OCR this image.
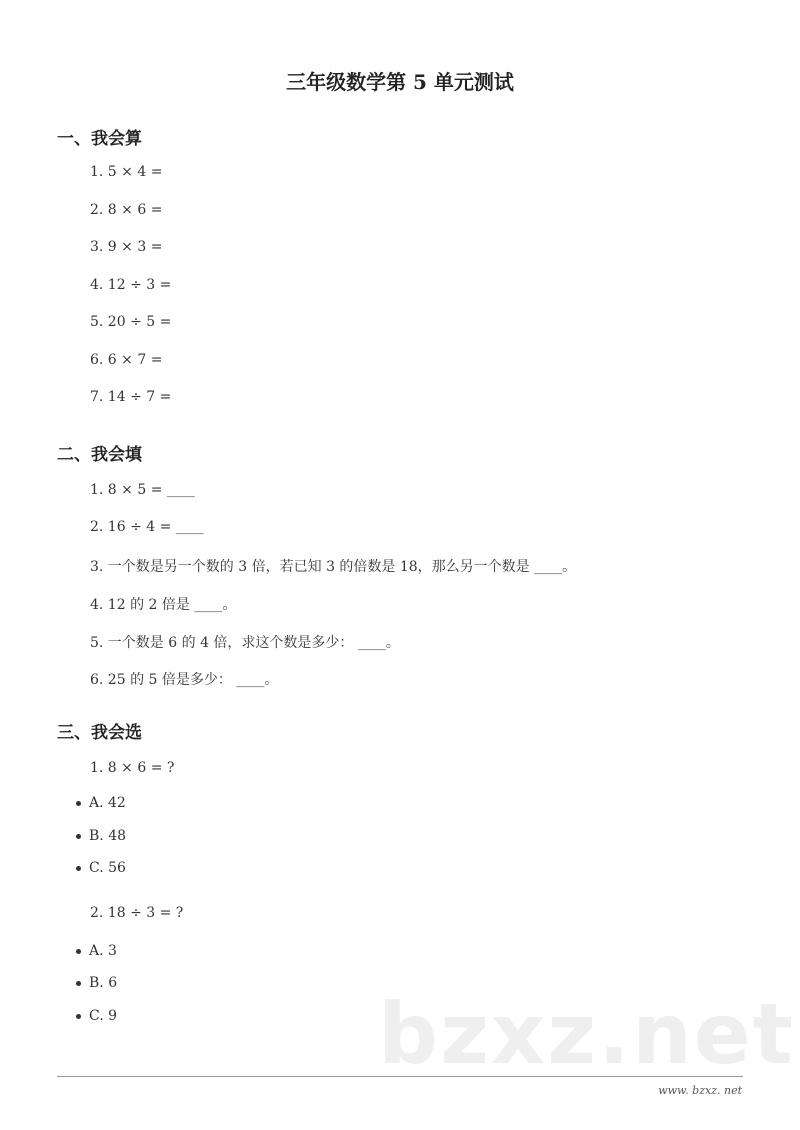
三年级数学第 5 单元测试
一、我会算
1. 5 × 4 =
2. 8 × 6 =
3. 9 × 3 =
4. 12 ÷ 3 =
5. 20 ÷ 5 =
6. 6 × 7 =
7. 14 ÷ 7 =
二、我会填
1. 8 × 5 = ____
2. 16 ÷ 4 = ____
3. 一个数是另一个数的 3 倍，若已知 3 的倍数是 18，那么另一个数是 ____。
4. 12 的 2 倍是 ____。
5. 一个数是 6 的 4 倍，求这个数是多少： ____。
6. 25 的 5 倍是多少： ____。
三、我会选
1. 8 × 6 = ?
A. 42
B. 48
C. 56
2. 18 ÷ 3 = ?
A. 3
B. 6
C. 9	bzxz.net
www. bzxz. net
